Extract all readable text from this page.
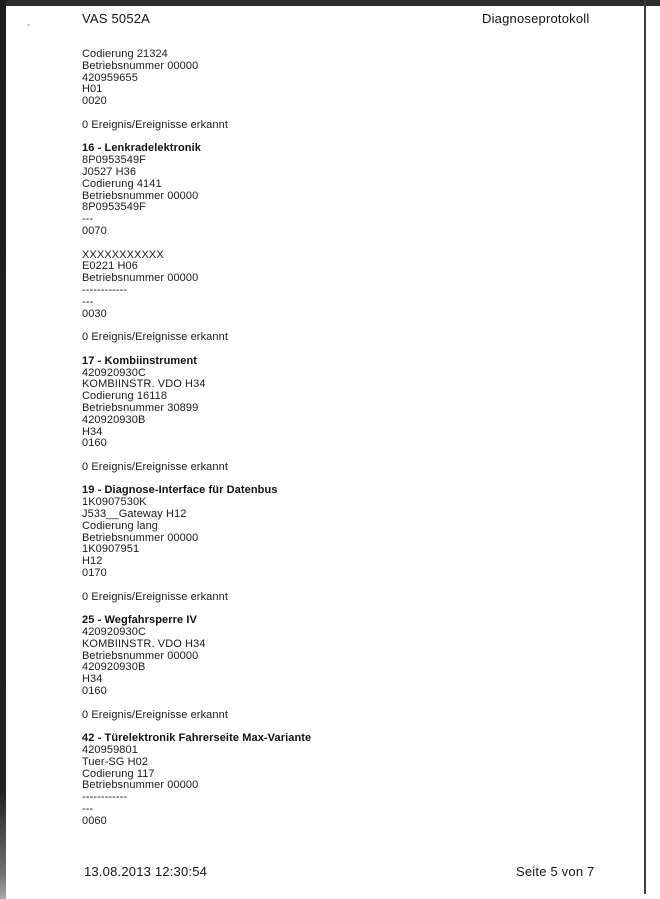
VAS 5052A	Diagnoseprotokoll
Codierung 21324
Betriebsnummer 00000
420959655
H01
0020
0 Ereignis/Ereignisse erkannt
16 - Lenkradelektronik
8P0953549F
J0527 H36
Codierung 4141
Betriebsnummer 00000
8P0953549F
---
0070
XXXXXXXXXXX
E0221 H06
Betriebsnummer 00000
------------
---
0030
0 Ereignis/Ereignisse erkannt
17 - Kombiinstrument
420920930C
KOMBIINSTR. VDO H34
Codierung 16118
Betriebsnummer 30899
420920930B
H34
0160
0 Ereignis/Ereignisse erkannt
19 - Diagnose-Interface für Datenbus
1K0907530K
J533__Gateway H12
Codierung lang
Betriebsnummer 00000
1K0907951
H12
0170
0 Ereignis/Ereignisse erkannt
25 - Wegfahrsperre IV
420920930C
KOMBIINSTR. VDO H34
Betriebsnummer 00000
420920930B
H34
0160
0 Ereignis/Ereignisse erkannt
42 - Türelektronik Fahrerseite Max-Variante
420959801
Tuer-SG H02
Codierung 117
Betriebsnummer 00000
------------
---
0060
13.08.2013 12:30:54	Seite 5 von 7
